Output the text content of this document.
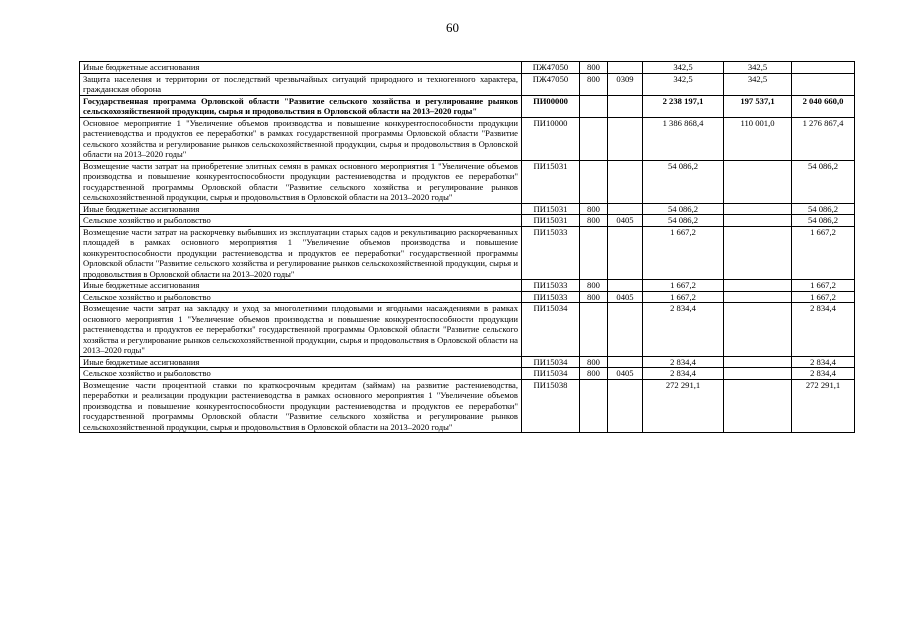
60
Иные бюджетные ассигнования	ПЖ47050	800		342,5	342,5	
Защита населения и территории от последствий чрезвычайных ситуаций природного и техногенного характера, гражданская оборона	ПЖ47050	800	0309	342,5	342,5	
Государственная программа Орловской области "Развитие сельского хозяйства и регулирование рынков сельскохозяйственной продукции, сырья и продовольствия в Орловской области на 2013–2020 годы"	ПИ00000			2 238 197,1	197 537,1	2 040 660,0
Основное мероприятие 1 "Увеличение объемов производства и повышение конкурентоспособности продукции растениеводства и продуктов ее переработки" в рамках государственной программы Орловской области "Развитие сельского хозяйства и регулирование рынков сельскохозяйственной продукции, сырья и продовольствия в Орловской области на 2013–2020 годы"	ПИ10000			1 386 868,4	110 001,0	1 276 867,4
Возмещение части затрат на приобретение элитных семян в рамках основного мероприятия 1 "Увеличение объемов производства и повышение конкурентоспособности продукции растениеводства и продуктов ее переработки" государственной программы Орловской области "Развитие сельского хозяйства и регулирование рынков сельскохозяйственной продукции, сырья и продовольствия в Орловской области на 2013–2020 годы"	ПИ15031			54 086,2		54 086,2
Иные бюджетные ассигнования	ПИ15031	800		54 086,2		54 086,2
Сельское хозяйство и рыболовство	ПИ15031	800	0405	54 086,2		54 086,2
Возмещение части затрат на раскорчевку выбывших из эксплуатации старых садов и рекультивацию раскорчеванных площадей в рамках основного мероприятия 1 "Увеличение объемов производства и повышение конкурентоспособности продукции растениеводства и продуктов ее переработки" государственной программы Орловской области "Развитие сельского хозяйства и регулирование рынков сельскохозяйственной продукции, сырья и продовольствия в Орловской области на 2013–2020 годы"	ПИ15033			1 667,2		1 667,2
Иные бюджетные ассигнования	ПИ15033	800		1 667,2		1 667,2
Сельское хозяйство и рыболовство	ПИ15033	800	0405	1 667,2		1 667,2
Возмещение части затрат на закладку и уход за многолетними плодовыми и ягодными насаждениями в рамках основного мероприятия 1 "Увеличение объемов производства и повышение конкурентоспособности продукции растениеводства и продуктов ее переработки" государственной программы Орловской области "Развитие сельского хозяйства и регулирование рынков сельскохозяйственной продукции, сырья и продовольствия в Орловской области на 2013–2020 годы"	ПИ15034			2 834,4		2 834,4
Иные бюджетные ассигнования	ПИ15034	800		2 834,4		2 834,4
Сельское хозяйство и рыболовство	ПИ15034	800	0405	2 834,4		2 834,4
Возмещение части процентной ставки по краткосрочным кредитам (займам) на развитие растениеводства, переработки и реализации продукции растениеводства в рамках основного мероприятия 1 "Увеличение объемов производства и повышение конкурентоспособности продукции растениеводства и продуктов ее переработки" государственной программы Орловской области "Развитие сельского хозяйства и регулирование рынков сельскохозяйственной продукции, сырья и продовольствия в Орловской области на 2013–2020 годы"	ПИ15038			272 291,1		272 291,1
